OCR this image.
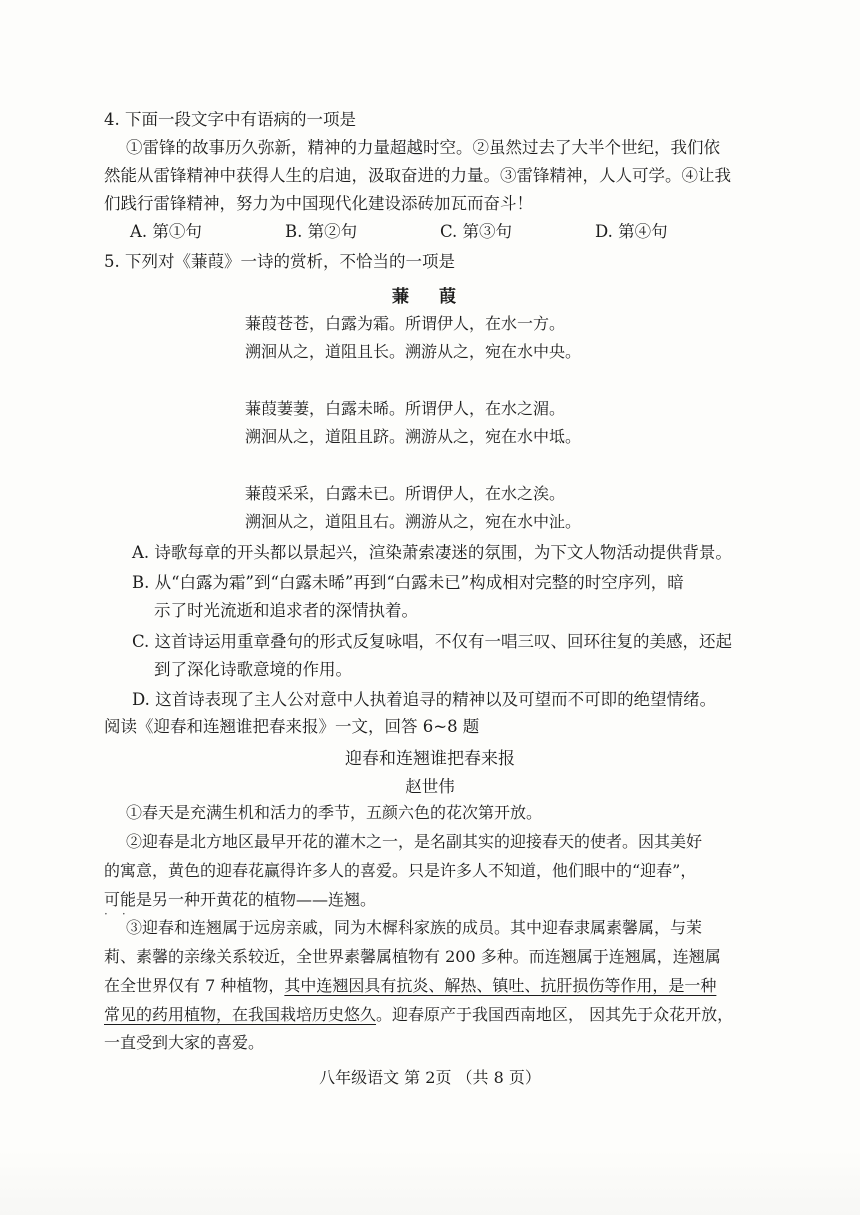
4. 下面一段文字中有语病的一项是
①雷锋的故事历久弥新，精神的力量超越时空。②虽然过去了大半个世纪，我们依
然能从雷锋精神中获得人生的启迪，汲取奋进的力量。③雷锋精神，人人可学。④让我
们践行雷锋精神，努力为中国现代化建设添砖加瓦而奋斗！
A. 第①句	B. 第②句	C. 第③句	D. 第④句
5. 下列对《蒹葭》一诗的赏析，不恰当的一项是
蒹 葭
蒹葭苍苍，白露为霜。所谓伊人，在水一方。
溯洄从之，道阻且长。溯游从之，宛在水中央。
蒹葭萋萋，白露未晞。所谓伊人，在水之湄。
溯洄从之，道阻且跻。溯游从之，宛在水中坻。
蒹葭采采，白露未已。所谓伊人，在水之涘。
溯洄从之，道阻且右。溯游从之，宛在水中沚。
A. 诗歌每章的开头都以景起兴，渲染萧索凄迷的氛围，为下文人物活动提供背景。
B. 从“白露为霜”到“白露未晞”再到“白露未已”构成相对完整的时空序列，暗
示了时光流逝和追求者的深情执着。
C. 这首诗运用重章叠句的形式反复咏唱，不仅有一唱三叹、回环往复的美感，还起
到了深化诗歌意境的作用。
D. 这首诗表现了主人公对意中人执着追寻的精神以及可望而不可即的绝望情绪。
阅读《迎春和连翘谁把春来报》一文，回答 6~8 题
迎春和连翘谁把春来报
赵世伟
①春天是充满生机和活力的季节，五颜六色的花次第开放。
②迎春是北方地区最早开花的灌木之一，是名副其实的迎接春天的使者。因其美好
的寓意，黄色的迎春花赢得许多人的喜爱。只是许多人不知道，他们眼中的“迎春”，
可能是另一种开黄花的植物——连翘。
··
③迎春和连翘属于远房亲戚，同为木樨科家族的成员。其中迎春隶属素馨属，与茉
莉、素馨的亲缘关系较近，全世界素馨属植物有 200 多种。而连翘属于连翘属，连翘属
在全世界仅有 7 种植物，其中连翘因具有抗炎、解热、镇吐、抗肝损伤等作用，是一种
常见的药用植物，在我国栽培历史悠久。迎春原产于我国西南地区， 因其先于众花开放，
八年级语文 第 2页 （共 8 页）
一直受到大家的喜爱。
